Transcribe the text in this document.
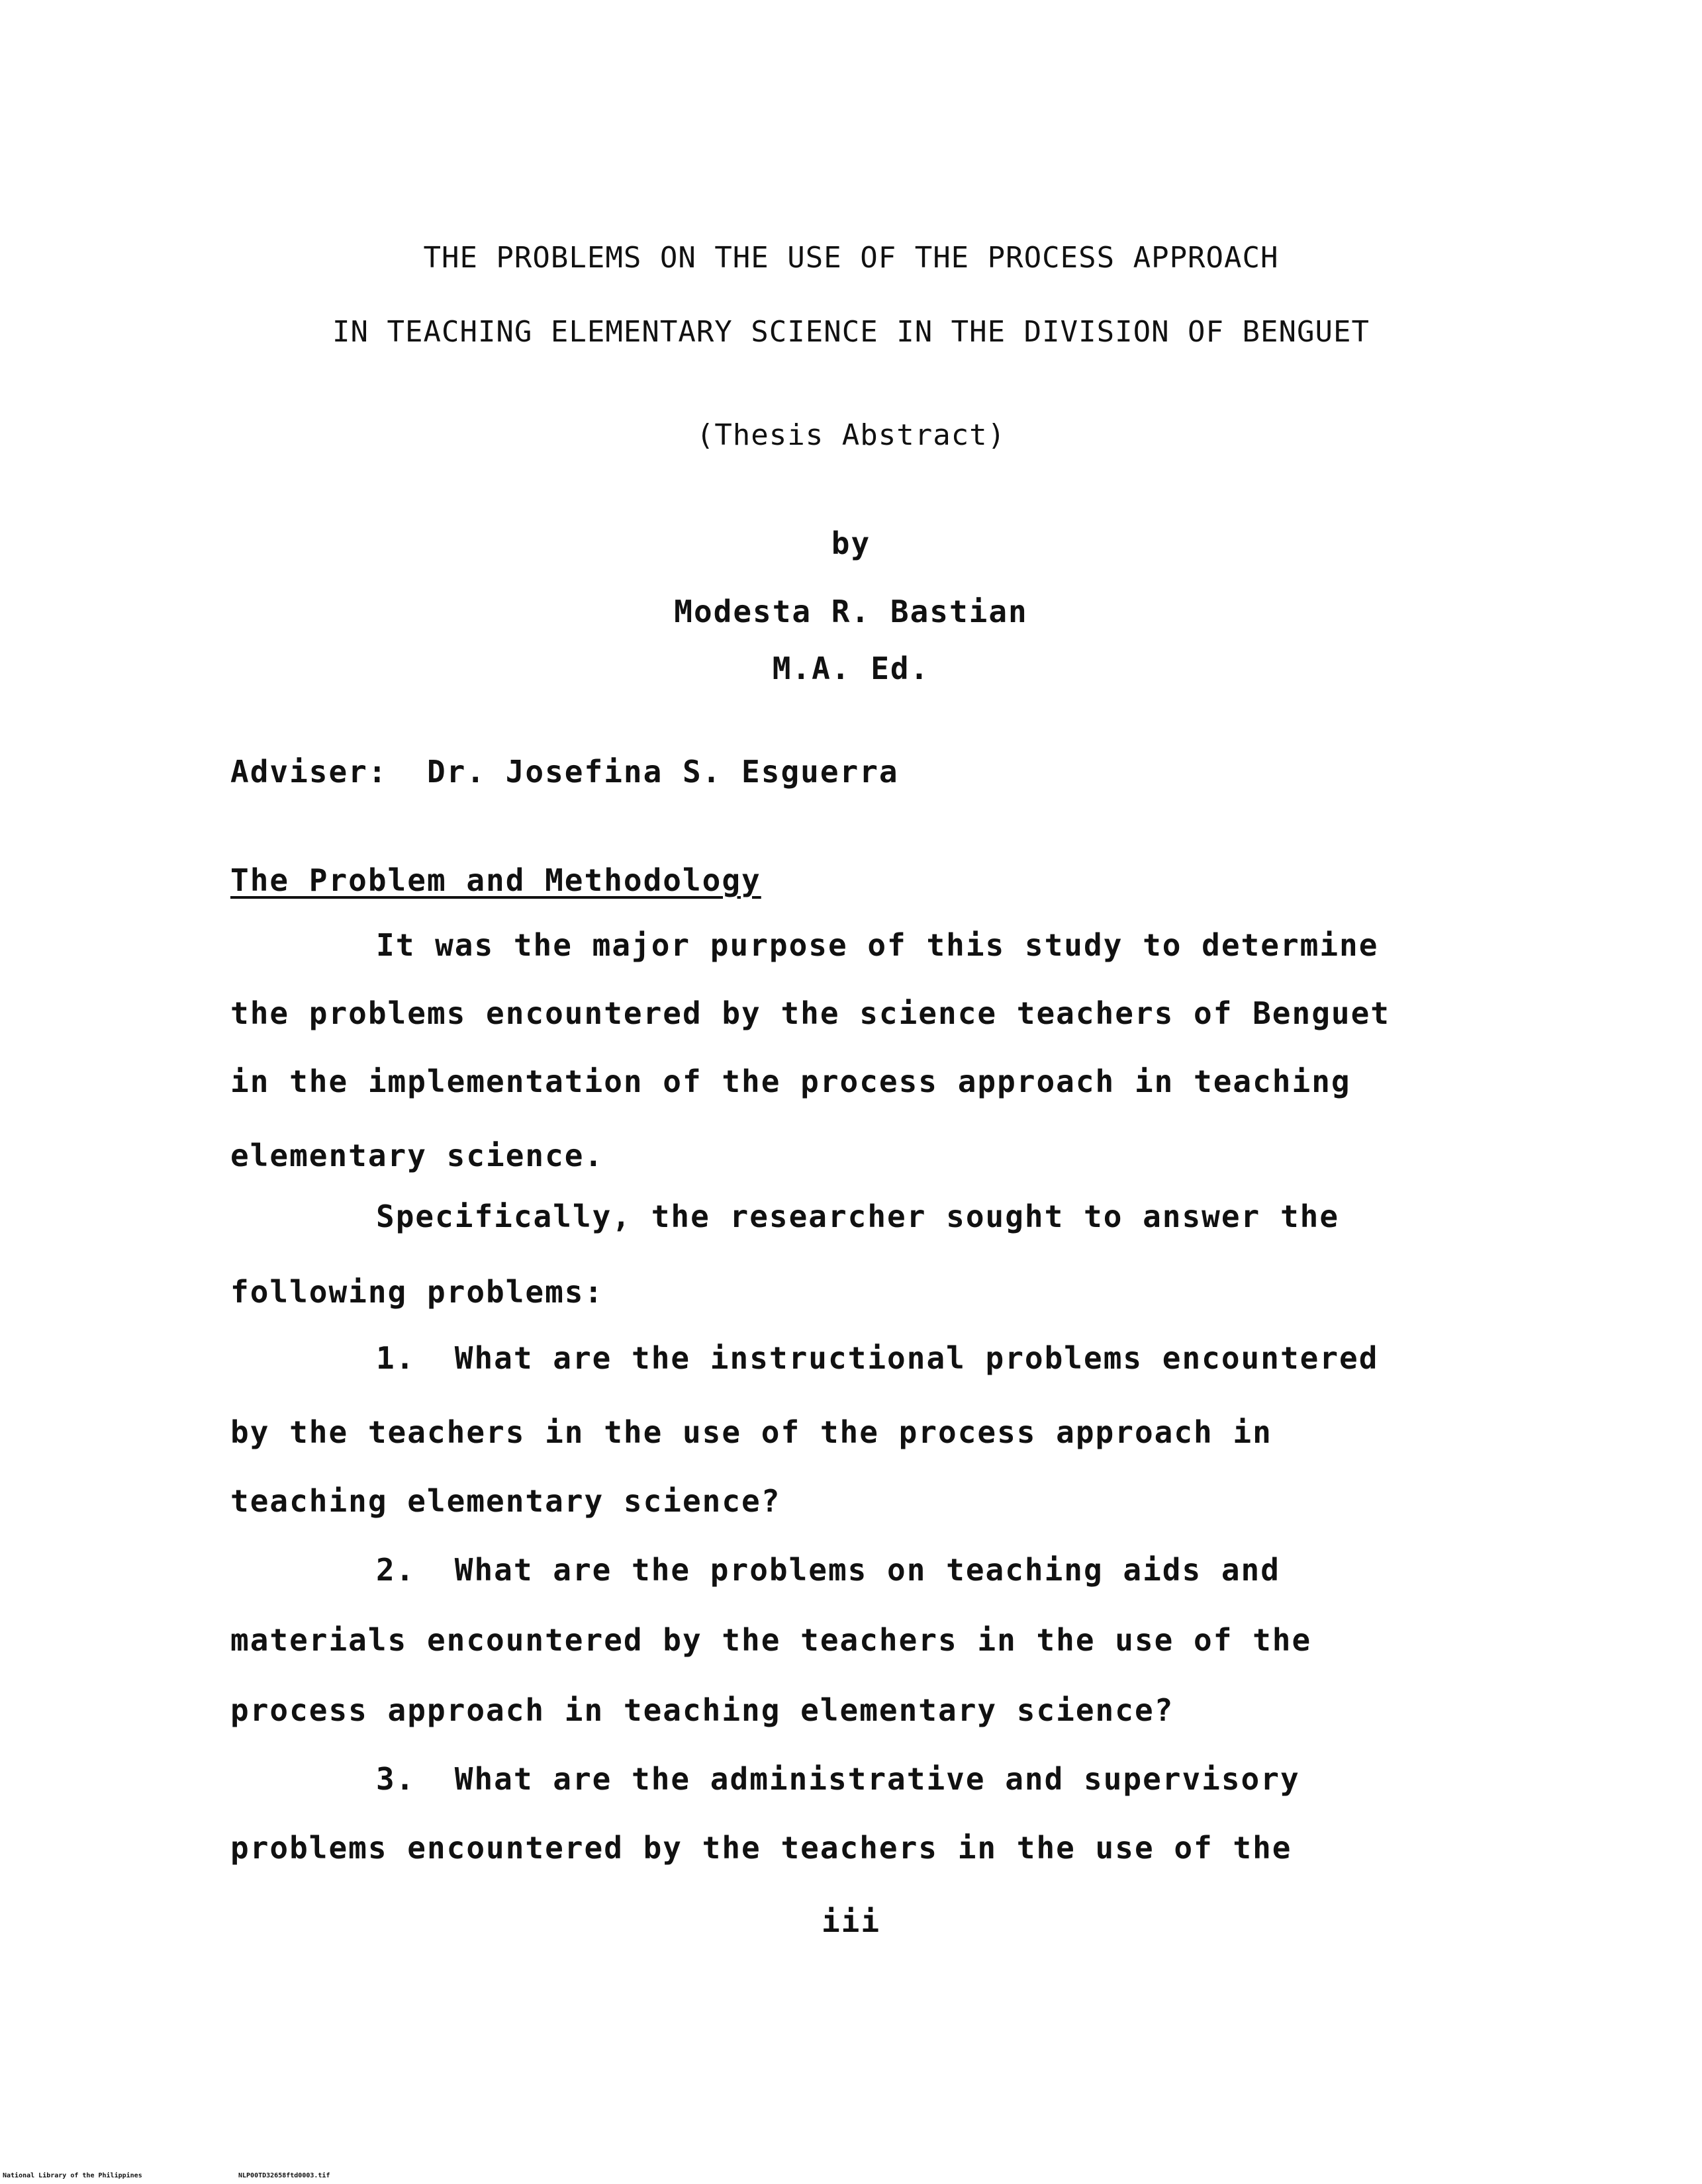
THE PROBLEMS ON THE USE OF THE PROCESS APPROACH
IN TEACHING ELEMENTARY SCIENCE IN THE DIVISION OF BENGUET
(Thesis Abstract)
by
Modesta R. Bastian
M.A. Ed.
Adviser:  Dr. Josefina S. Esguerra
The Problem and Methodology
It was the major purpose of this study to determine
the problems encountered by the science teachers of Benguet
in the implementation of the process approach in teaching
elementary science.
Specifically, the researcher sought to answer the
following problems:
1.  What are the instructional problems encountered
by the teachers in the use of the process approach in
teaching elementary science?
2.  What are the problems on teaching aids and
materials encountered by the teachers in the use of the
process approach in teaching elementary science?
3.  What are the administrative and supervisory
problems encountered by the teachers in the use of the
iii
National Library of the Philippines	NLP00TD32658ftd0003.tif
